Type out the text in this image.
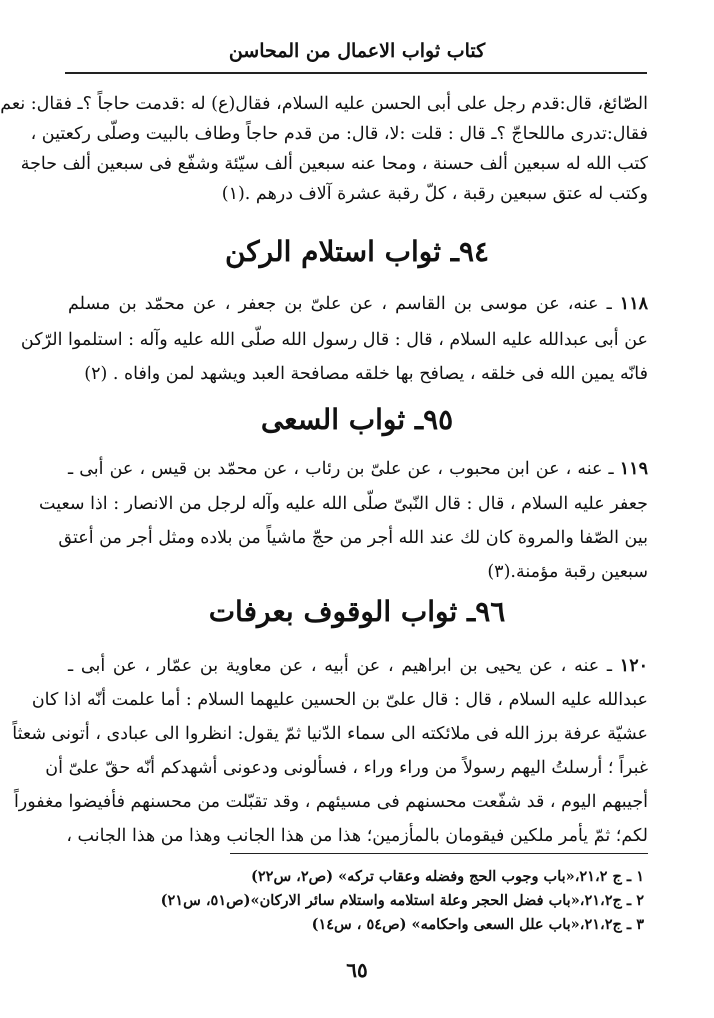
كتاب ثواب الاعمال من المحاسن
الصّائغ، قال:قدم رجل على أبى الحسن عليه السلام، فقال(ع) له :قدمت حاجاً ؟ـ فقال: نعم
فقال:تدرى ماللحاجّ ؟ـ قال : قلت :لا، قال: من قدم حاجاً وطاف بالبيت وصلّى ركعتين ،
كتب الله له سبعين ألف حسنة ، ومحا عنه سبعين ألف سيّئة وشفّع فى سبعين ألف حاجة
وكتب له عتق سبعين رقبة ، كلّ رقبة عشرة آلاف درهم .(١)
٩٤ـ ثواب استلام الركن
١١٨ ـ عنه، عن موسى بن القاسم ، عن علىّ بن جعفر ، عن محمّد بن مسلم
عن أبى عبدالله عليه السلام ، قال : قال رسول الله صلّى الله عليه وآله : استلموا الرّكن
فانّه يمين الله فى خلقه ، يصافح بها خلقه مصافحة العبد ويشهد لمن وافاه . (٢)
٩٥ـ ثواب السعى
١١٩ ـ عنه ، عن ابن محبوب ، عن علىّ بن رئاب ، عن محمّد بن قيس ، عن أبى ـ
جعفر عليه السلام ، قال : قال النّبىّ صلّى الله عليه وآله لرجل من الانصار : اذا سعيت
بين الصّفا والمروة كان لك عند الله أجر من حجّ ماشياً من بلاده ومثل أجر من أعتق
سبعين رقبة مؤمنة.(٣)
٩٦ـ ثواب الوقوف بعرفات
١٢٠ ـ عنه ، عن يحيى بن ابراهيم ، عن أبيه ، عن معاوية بن عمّار ، عن أبى ـ
عبدالله عليه السلام ، قال : قال علىّ بن الحسين عليهما السلام : أما علمت أنّه اذا كان
عشيّة عرفة برز الله فى ملائكته الى سماء الدّنيا ثمّ يقول: انظروا الى عبادى ، أتونى شعثاً
غبراً ؛ أرسلتُ اليهم رسولاً من وراء وراء ، فسألونى ودعونى أشهدكم أنّه حقّ علىّ أن
أجيبهم اليوم ، قد شفّعت محسنهم فى مسيئهم ، وقد تقبّلت من محسنهم فأفيضوا مغفوراً
لكم؛ ثمّ يأمر ملكين فيقومان بالمأزمين؛ هذا من هذا الجانب وهذا من هذا الجانب ،
١ ـ ج ٢١،٢،«باب وجوب الحج وفضله وعقاب تركه» (ص٢، س٢٢)
٢ ـ ج٢١،٢،«باب فضل الحجر وعلة استلامه واستلام سائر الاركان»(ص٥١، س٢١)
٣ ـ ج٢١،٢،«باب علل السعى واحكامه» (ص٥٤ ، س١٤)
٦٥
